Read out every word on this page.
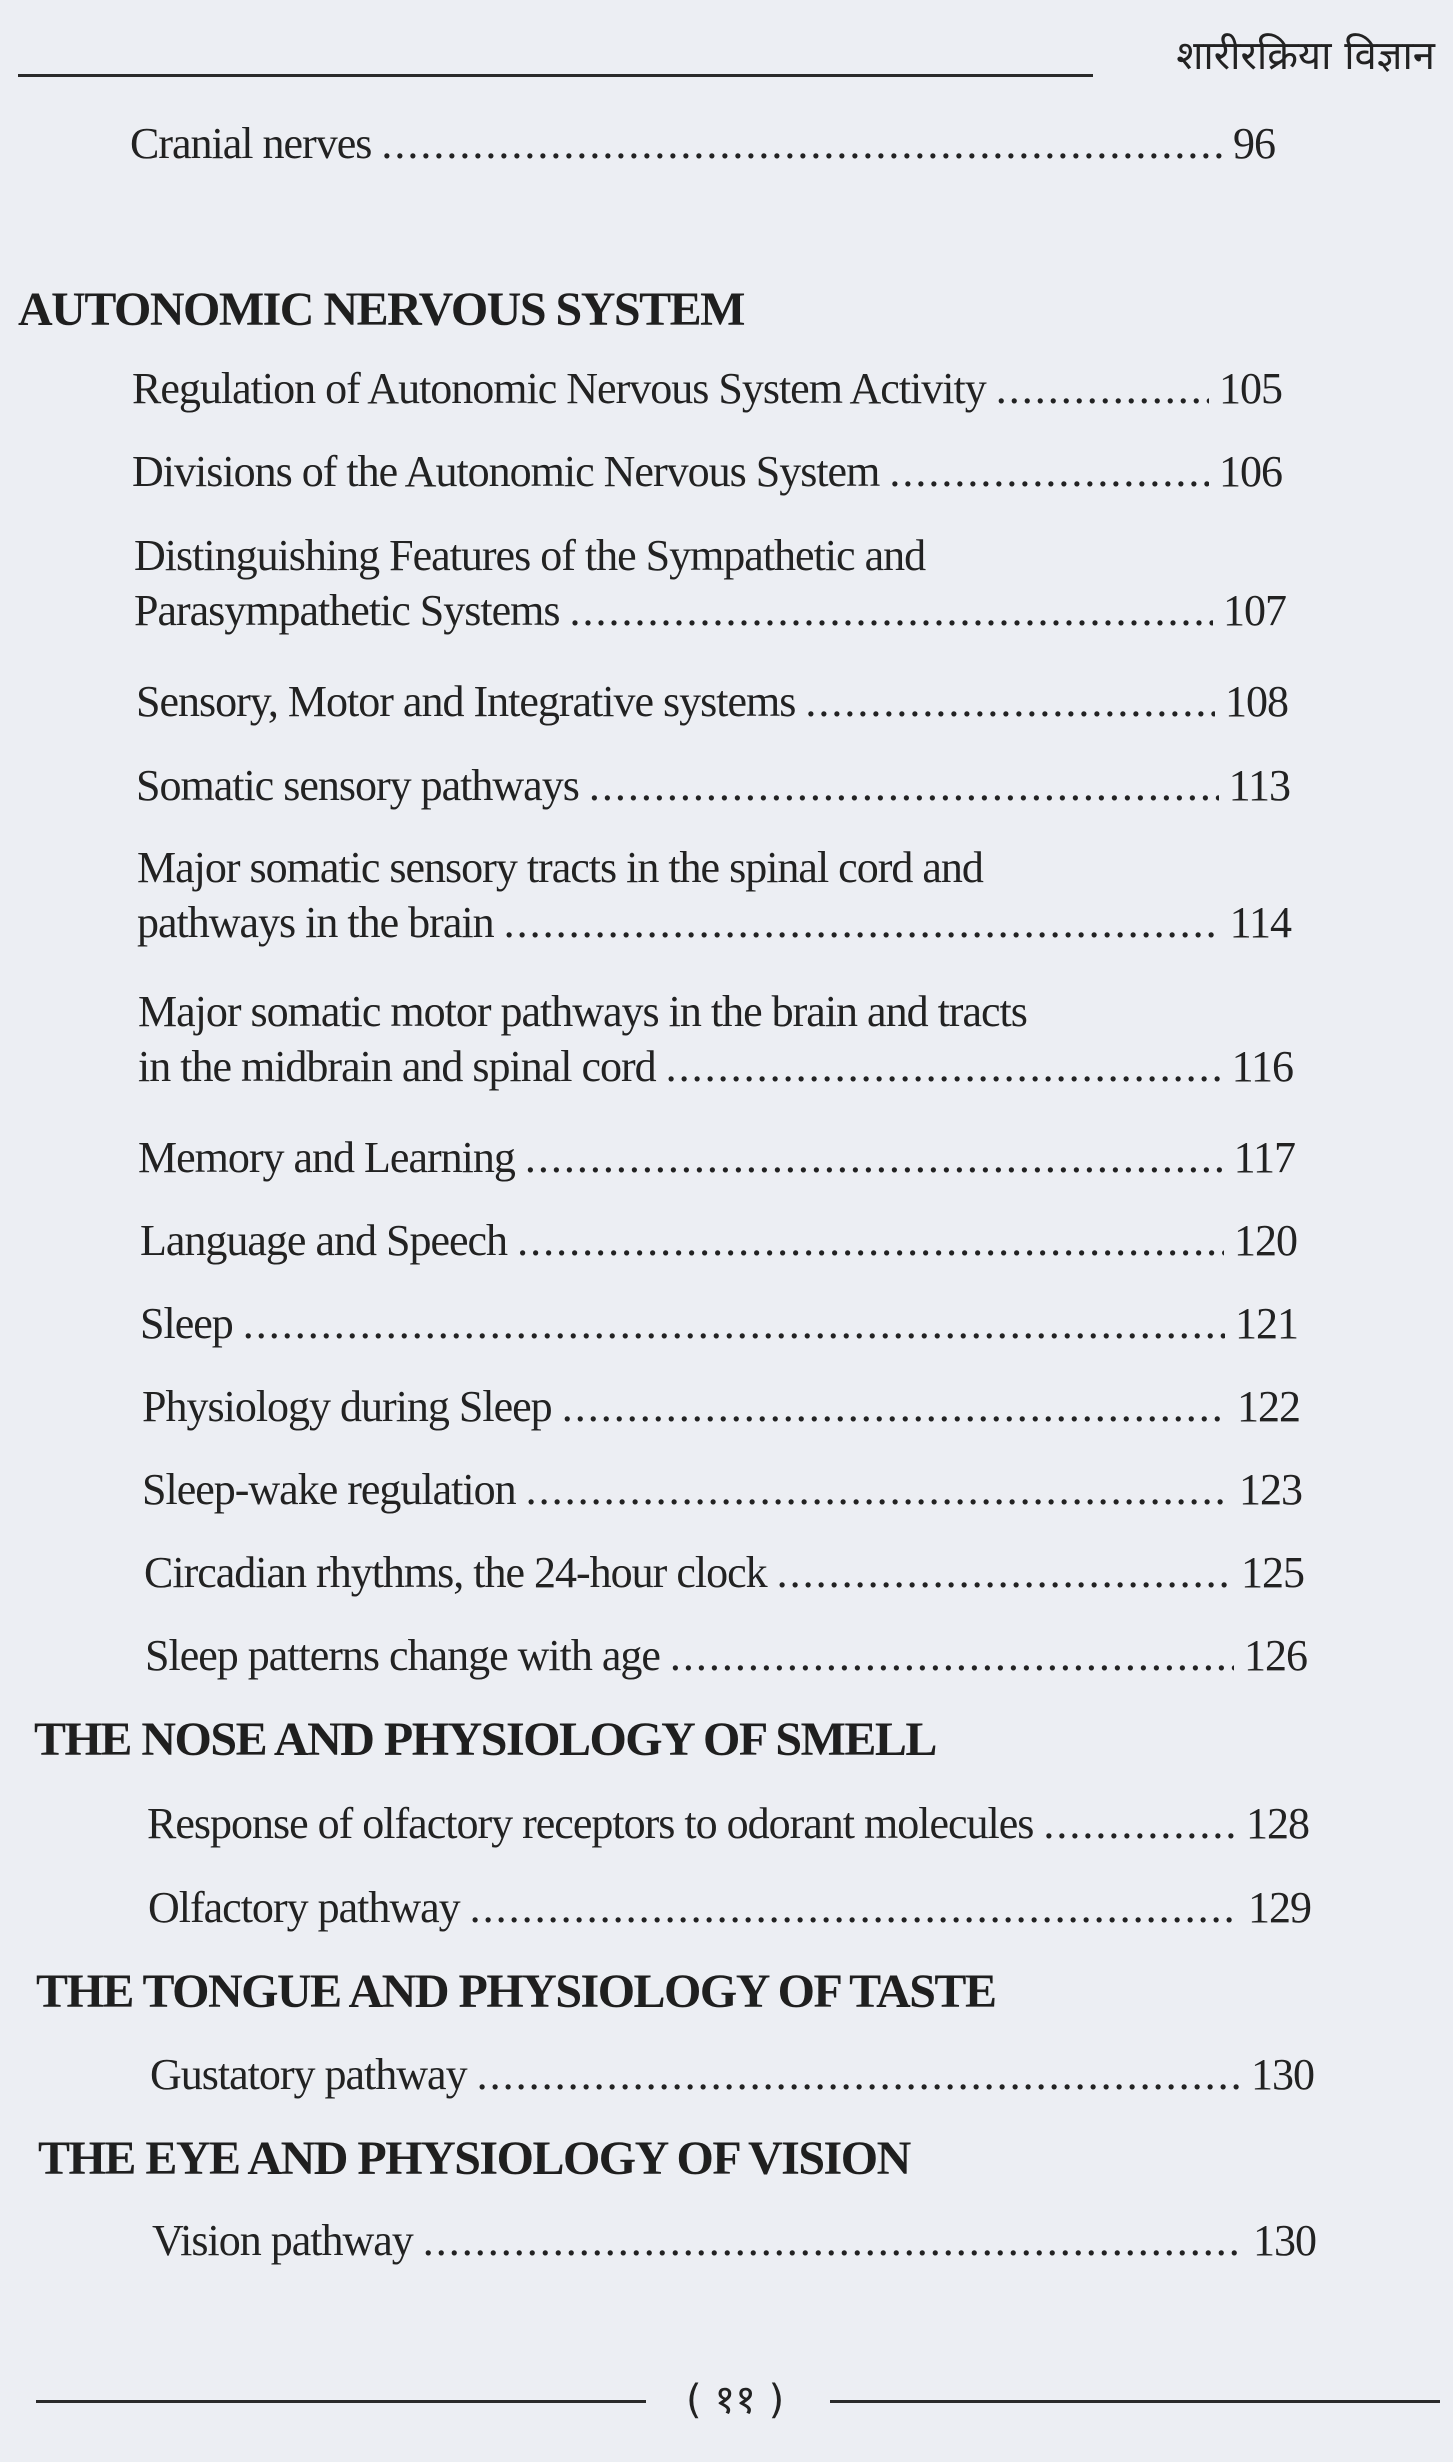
शारीरक्रिया विज्ञान
Cranial nerves .....	96
AUTONOMIC NERVOUS SYSTEM
Regulation of Autonomic Nervous System Activity .....	105
Divisions of the Autonomic Nervous System .....	106
Distinguishing Features of the Sympathetic and
Parasympathetic Systems .....	107
Sensory, Motor and Integrative systems .....	108
Somatic sensory pathways .....	113
Major somatic sensory tracts in the spinal cord and
pathways in the brain .....	114
Major somatic motor pathways in the brain and tracts
in the midbrain and spinal cord .....	116
Memory and Learning .....	117
Language and Speech .....	120
Sleep .....	121
Physiology during Sleep .....	122
Sleep-wake regulation .....	123
Circadian rhythms, the 24-hour clock .....	125
Sleep patterns change with age .....	126
THE NOSE AND PHYSIOLOGY OF SMELL
Response of olfactory receptors to odorant molecules .....	128
Olfactory pathway .....	129
THE TONGUE AND PHYSIOLOGY OF TASTE
Gustatory pathway .....	130
THE EYE AND PHYSIOLOGY OF VISION
Vision pathway .....	130
( ११ )
